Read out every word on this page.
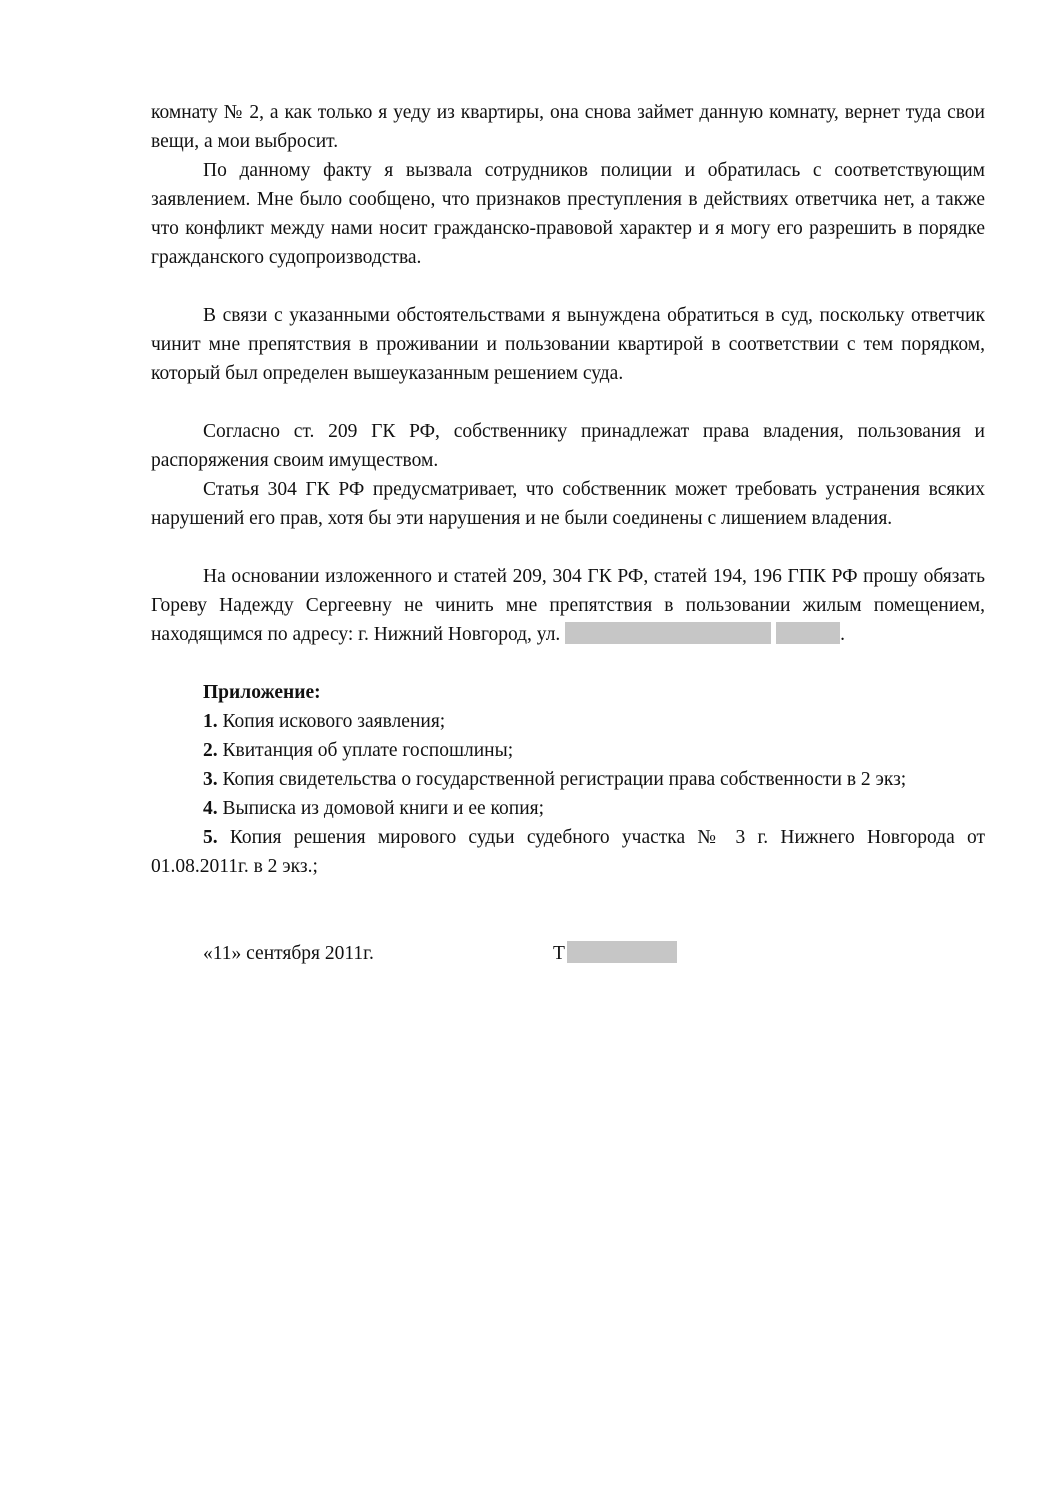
комнату № 2, а как только я уеду из квартиры, она снова займет данную комнату, вернет туда свои вещи, а мои выбросит.

По данному факту я вызвала сотрудников полиции и обратилась с соответствующим заявлением. Мне было сообщено, что признаков преступления в действиях ответчика нет, а также что конфликт между нами носит гражданско-правовой характер и я могу его разрешить в порядке гражданского судопроизводства.

В связи с указанными обстоятельствами я вынуждена обратиться в суд, поскольку ответчик чинит мне препятствия в проживании и пользовании квартирой в соответствии с тем порядком, который был определен вышеуказанным решением суда.

Согласно ст. 209 ГК РФ, собственнику принадлежат права владения, пользования и распоряжения своим имуществом.

Статья 304 ГК РФ предусматривает, что собственник может требовать устранения всяких нарушений его прав, хотя бы эти нарушения и не были соединены с лишением владения.

На основании изложенного и статей 209, 304 ГК РФ, статей 194, 196 ГПК РФ прошу обязать Гореву Надежду Сергеевну не чинить мне препятствия в пользовании жилым помещением, находящимся по адресу: г. Нижний Новгород, ул.	.

Приложение:

1. Копия искового заявления;

2. Квитанция об уплате госпошлины;

3. Копия свидетельства о государственной регистрации права собственности в 2 экз;

4. Выписка из домовой книги и ее копия;

5. Копия решения мирового судьи судебного участка № 3 г. Нижнего Новгорода от 01.08.2011г. в 2 экз.;

«11» сентября 2011г.	Т
